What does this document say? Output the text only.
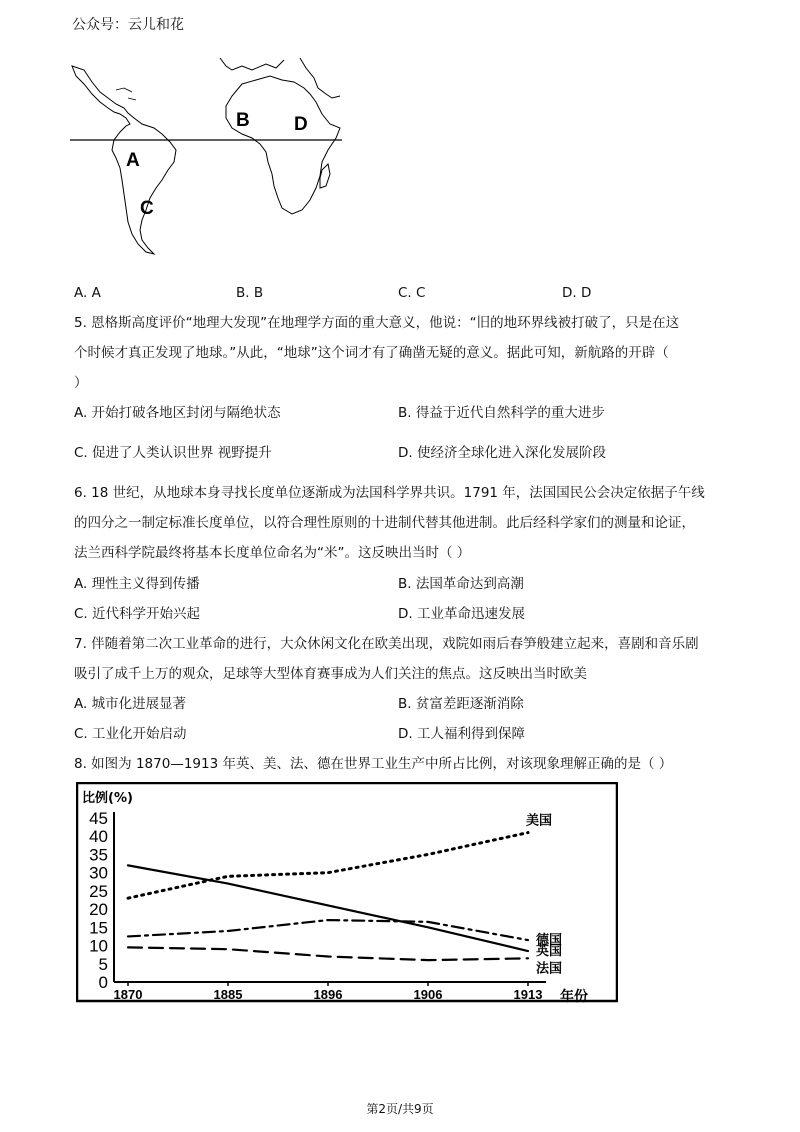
公众号：云儿和花
A
B
C
D
A. A	B. B	C. C	D. D
5. 恩格斯高度评价“地理大发现”在地理学方面的重大意义，他说：“旧的地环界线被打破了，只是在这
个时候才真正发现了地球。”从此，“地球”这个词才有了确凿无疑的意义。据此可知，新航路的开辟（
）
A. 开始打破各地区封闭与隔绝状态	B. 得益于近代自然科学的重大进步
C. 促进了人类认识世界 视野提升	D. 使经济全球化进入深化发展阶段
6. 18 世纪，从地球本身寻找长度单位逐渐成为法国科学界共识。1791 年，法国国民公会决定依据子午线
的四分之一制定标准长度单位，以符合理性原则的十进制代替其他进制。此后经科学家们的测量和论证，
法兰西科学院最终将基本长度单位命名为“米”。这反映出当时（ ）
A. 理性主义得到传播	B. 法国革命达到高潮
C. 近代科学开始兴起	D. 工业革命迅速发展
7. 伴随着第二次工业革命的进行，大众休闲文化在欧美出现，戏院如雨后春笋般建立起来，喜剧和音乐剧
吸引了成千上万的观众，足球等大型体育赛事成为人们关注的焦点。这反映出当时欧美
A. 城市化进展显著	B. 贫富差距逐渐消除
C. 工业化开始启动	D. 工人福利得到保障
8. 如图为 1870—1913 年英、美、法、德在世界工业生产中所占比例，对该现象理解正确的是（ ）
比例(%)
年份
0
5
10
15
20
25
30
35
40
45
1870	1885	1896	1906	1913
美国
德国
英国
法国
第2页/共9页
